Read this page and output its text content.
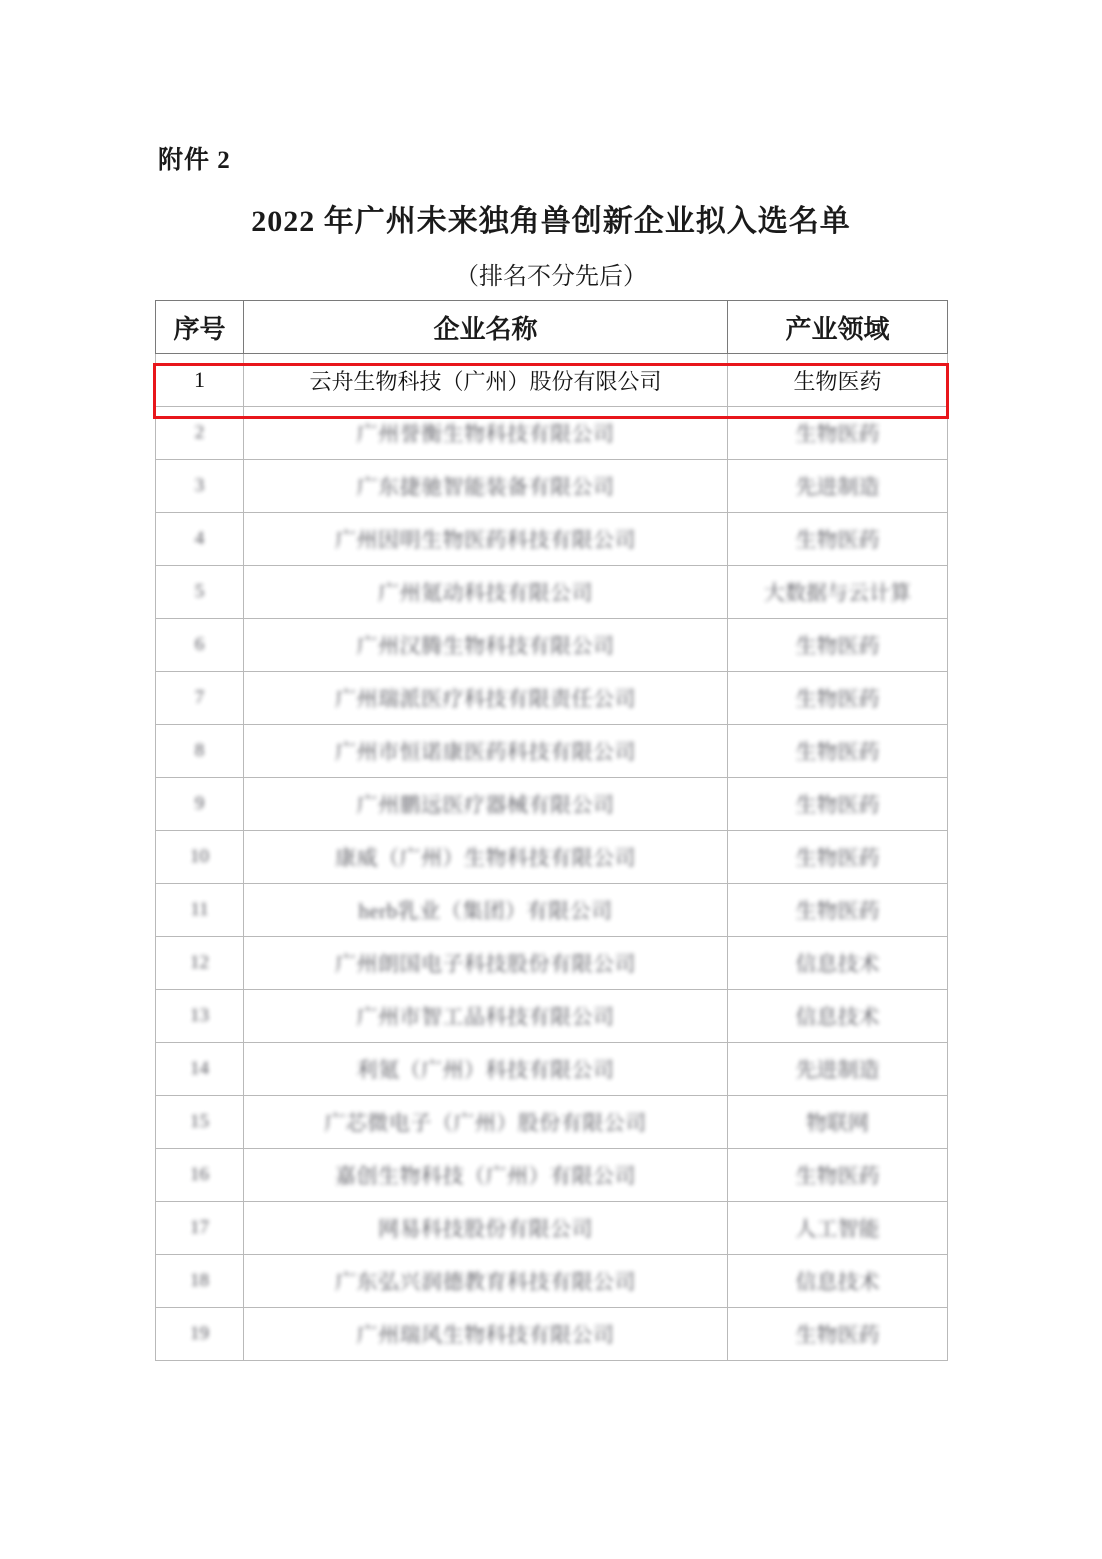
附件 2
2022 年广州未来独角兽创新企业拟入选名单
（排名不分先后）
序号	企业名称	产业领域
1	云舟生物科技（广州）股份有限公司	生物医药
2	广州誉衡生物科技有限公司	生物医药
3	广东捷驰智能装备有限公司	先进制造
4	广州因明生物医药科技有限公司	生物医药
5	广州氪动科技有限公司	大数据与云计算
6	广州汉腾生物科技有限公司	生物医药
7	广州瑞派医疗科技有限责任公司	生物医药
8	广州市恒诺康医药科技有限公司	生物医药
9	广州鹏远医疗器械有限公司	生物医药
10	康威（广州）生物科技有限公司	生物医药
11	herb乳业（集团）有限公司	生物医药
12	广州朗国电子科技股份有限公司	信息技术
13	广州市智工品科技有限公司	信息技术
14	利氪（广州）科技有限公司	先进制造
15	广芯微电子（广州）股份有限公司	物联网
16	嘉创生物科技（广州）有限公司	生物医药
17	网易科技股份有限公司	人工智能
18	广东弘兴润德教育科技有限公司	信息技术
19	广州瑞风生物科技有限公司	生物医药
